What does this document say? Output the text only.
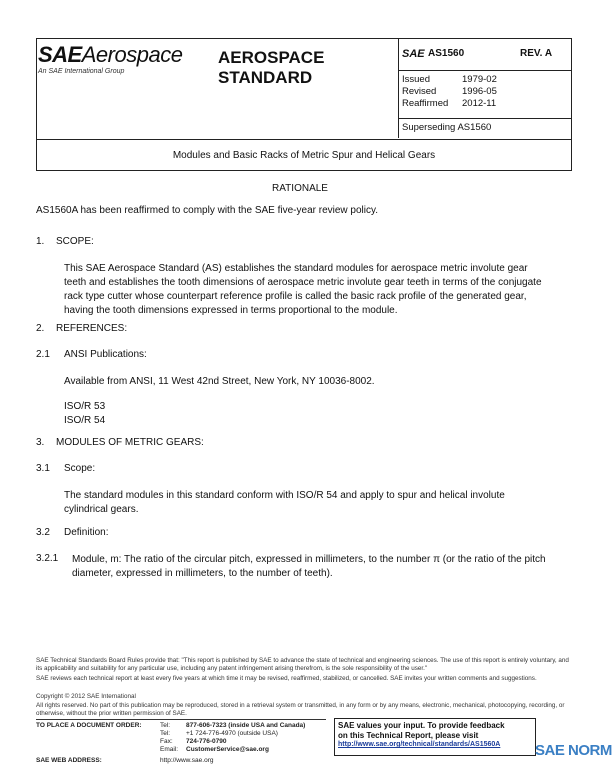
SAEAerospace
An SAE International Group
AEROSPACE
STANDARD
SAE AS1560	REV. A
Issued	1979-02
Revised	1996-05
Reaffirmed 2012-11
Superseding AS1560
Modules and Basic Racks of Metric Spur and Helical Gears
RATIONALE
AS1560A has been reaffirmed to comply with the SAE five-year review policy.
1. SCOPE:
This SAE Aerospace Standard (AS) establishes the standard modules for aerospace metric involute gear teeth and establishes the tooth dimensions of aerospace metric involute gear teeth in terms of the conjugate rack type cutter whose counterpart reference profile is called the basic rack profile of the generated gear, having the tooth dimensions expressed in terms proportional to the module.
2. REFERENCES:
2.1 ANSI Publications:
Available from ANSI, 11 West 42nd Street, New York, NY 10036-8002.
ISO/R 53
ISO/R 54
3. MODULES OF METRIC GEARS:
3.1 Scope:
The standard modules in this standard conform with ISO/R 54 and apply to spur and helical involute cylindrical gears.
3.2 Definition:
3.2.1 Module, m: The ratio of the circular pitch, expressed in millimeters, to the number π (or the ratio of the pitch diameter, expressed in millimeters, to the number of teeth).
SAE Technical Standards Board Rules provide that: "This report is published by SAE to advance the state of technical and engineering sciences. The use of this report is entirely voluntary, and its applicability and suitability for any particular use, including any patent infringement arising therefrom, is the sole responsibility of the user."
SAE reviews each technical report at least every five years at which time it may be revised, reaffirmed, stabilized, or cancelled. SAE invites your written comments and suggestions.
Copyright © 2012 SAE International
All rights reserved. No part of this publication may be reproduced, stored in a retrieval system or transmitted, in any form or by any means, electronic, mechanical, photocopying, recording, or otherwise, without the prior written permission of SAE.
TO PLACE A DOCUMENT ORDER:	Tel: 877-606-7323 (inside USA and Canada)
Tel: +1 724-776-4970 (outside USA)
Fax: 724-776-0790
Email: CustomerService@sae.org
SAE WEB ADDRESS:	http://www.sae.org
SAE values your input. To provide feedback
on this Technical Report, please visit
http://www.sae.org/technical/standards/AS1560A	SAE NORM
